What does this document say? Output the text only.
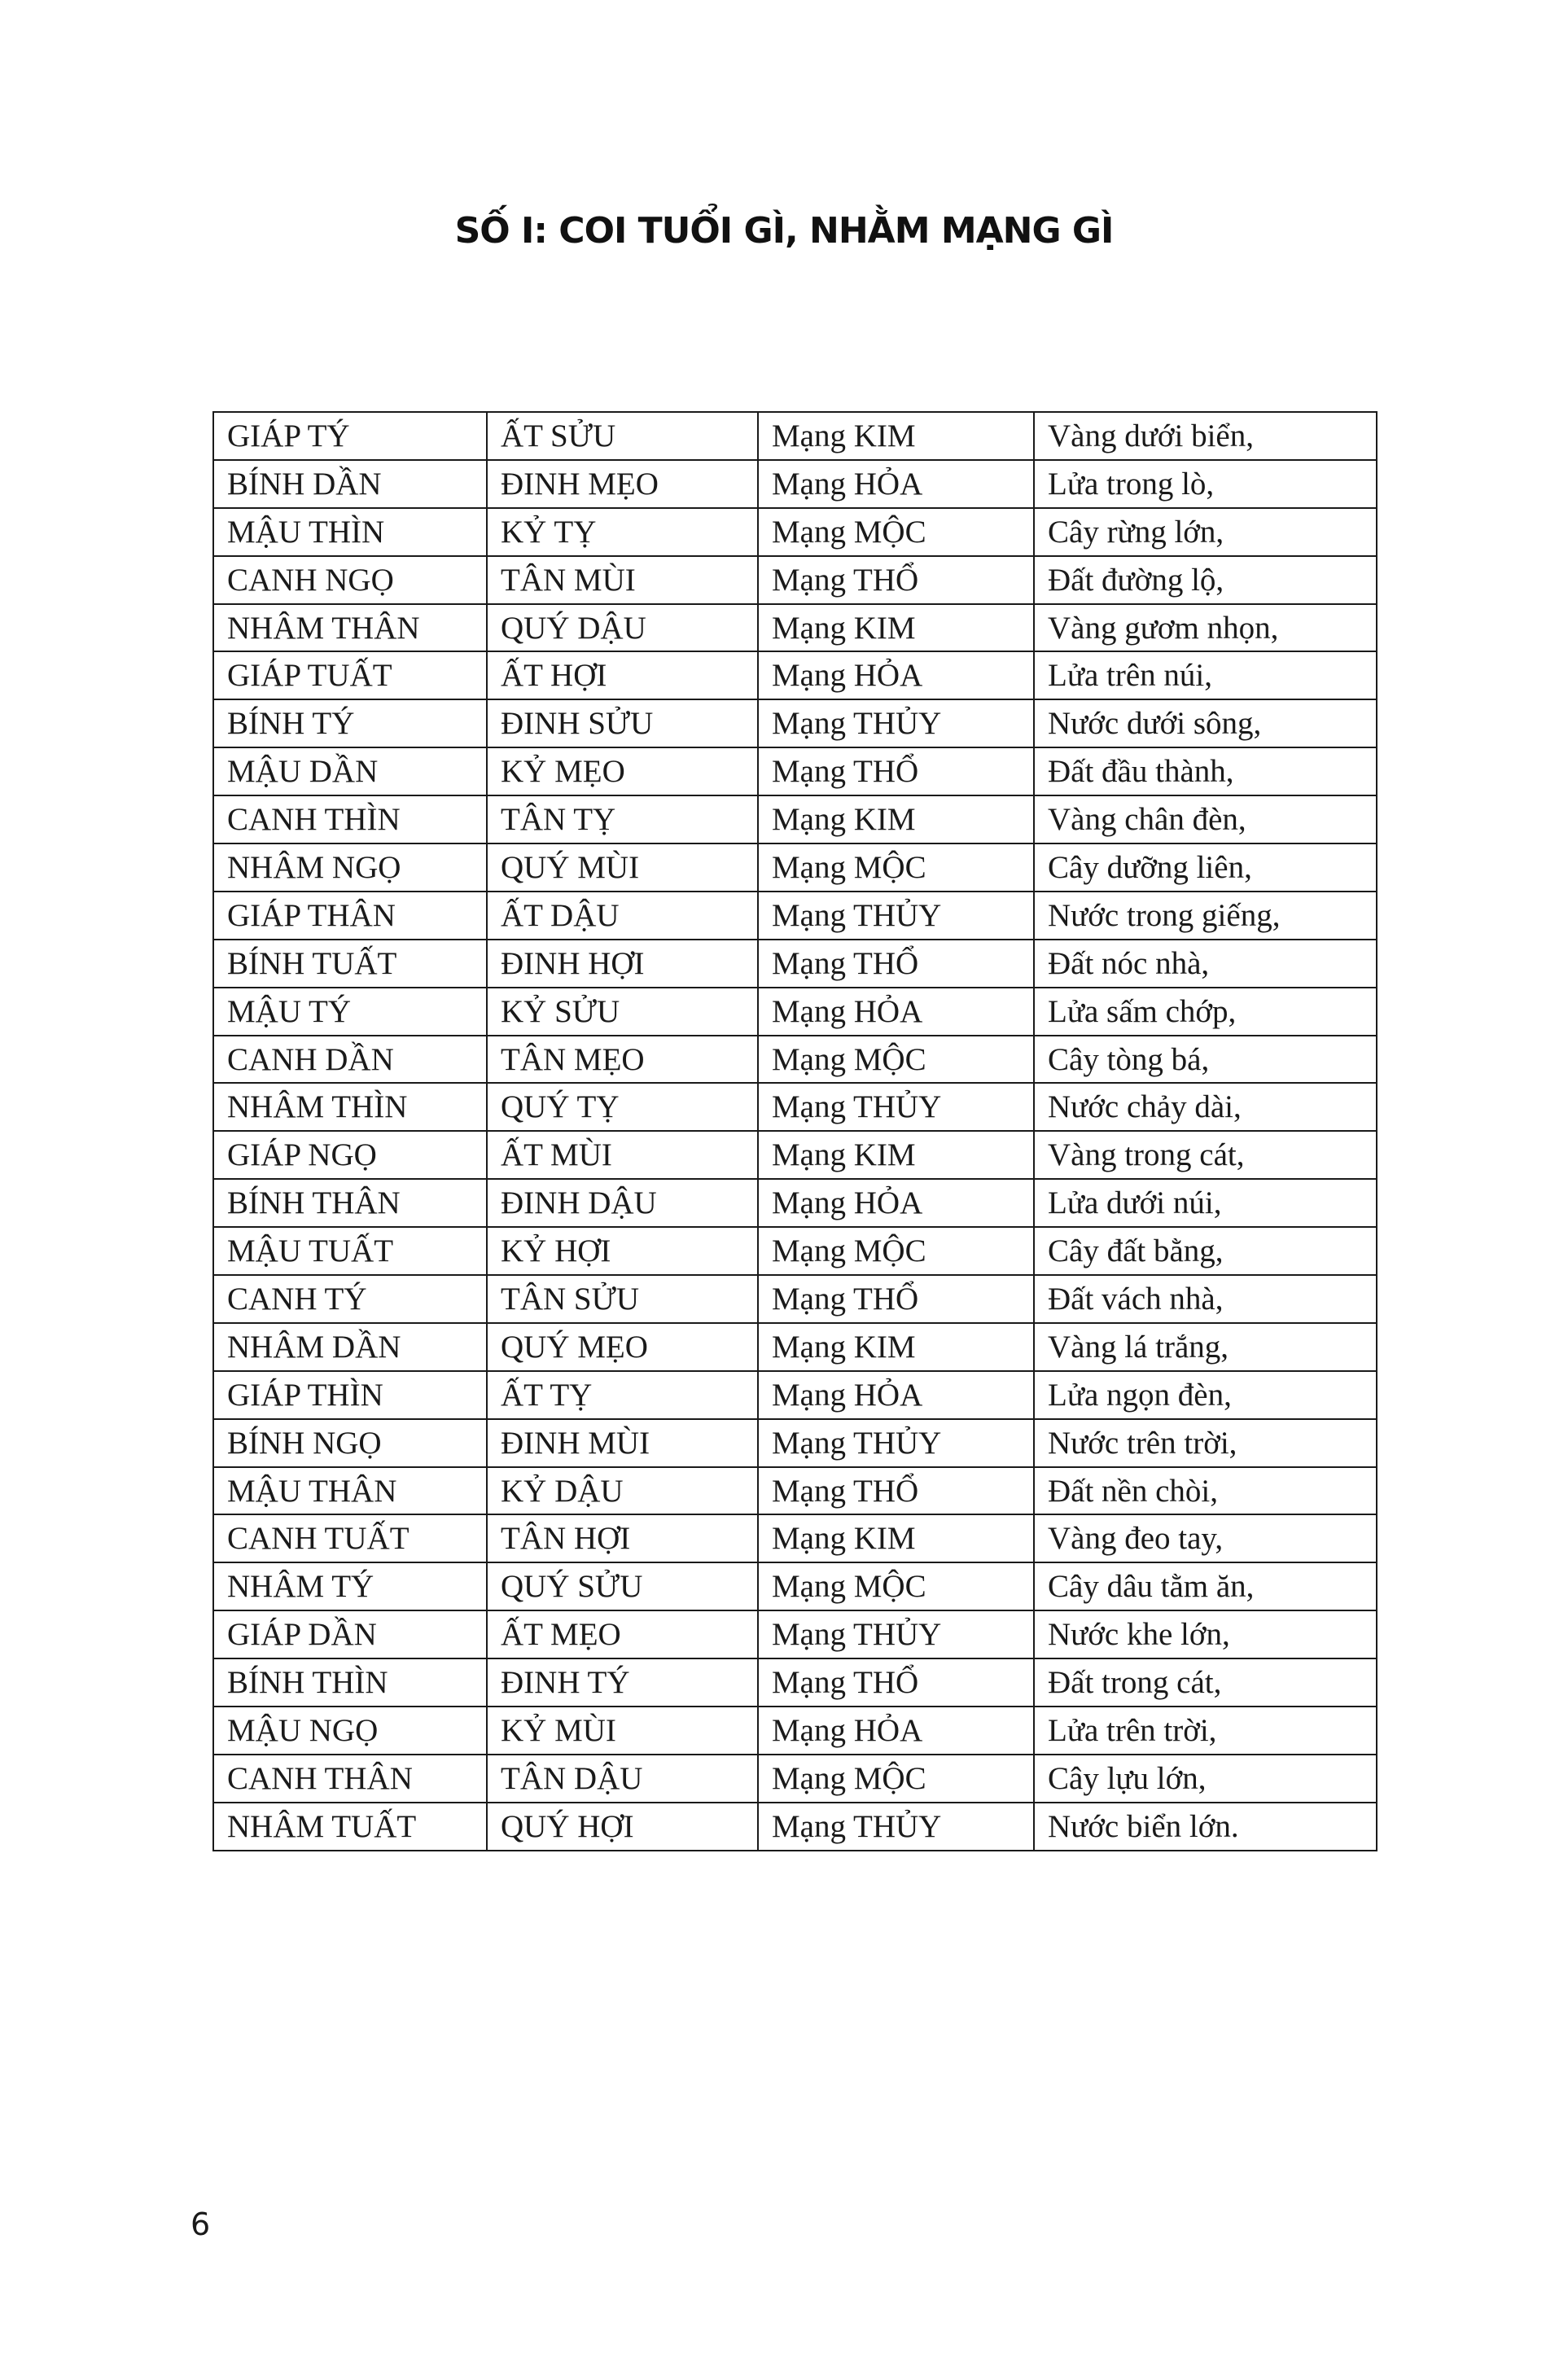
SỐ I: COI TUỔI GÌ, NHẰM MẠNG GÌ
GIÁP TÝ	ẤT SỬU	Mạng KIM	Vàng dưới biển,
BÍNH DẦN	ĐINH MẸO	Mạng HỎA	Lửa trong lò,
MẬU THÌN	KỶ TỴ	Mạng MỘC	Cây rừng lớn,
CANH NGỌ	TÂN MÙI	Mạng THỔ	Đất đường lộ,
NHÂM THÂN	QUÝ DẬU	Mạng KIM	Vàng gươm nhọn,
GIÁP TUẤT	ẤT HỢI	Mạng HỎA	Lửa trên núi,
BÍNH TÝ	ĐINH SỬU	Mạng THỦY	Nước dưới sông,
MẬU DẦN	KỶ MẸO	Mạng THỔ	Đất đầu thành,
CANH THÌN	TÂN TỴ	Mạng KIM	Vàng chân đèn,
NHÂM NGỌ	QUÝ MÙI	Mạng MỘC	Cây dưỡng liên,
GIÁP THÂN	ẤT DẬU	Mạng THỦY	Nước trong giếng,
BÍNH TUẤT	ĐINH HỢI	Mạng THỔ	Đất nóc nhà,
MẬU TÝ	KỶ SỬU	Mạng HỎA	Lửa sấm chớp,
CANH DẦN	TÂN MẸO	Mạng MỘC	Cây tòng bá,
NHÂM THÌN	QUÝ TỴ	Mạng THỦY	Nước chảy dài,
GIÁP NGỌ	ẤT MÙI	Mạng KIM	Vàng trong cát,
BÍNH THÂN	ĐINH DẬU	Mạng HỎA	Lửa dưới núi,
MẬU TUẤT	KỶ HỢI	Mạng MỘC	Cây đất bằng,
CANH TÝ	TÂN SỬU	Mạng THỔ	Đất vách nhà,
NHÂM DẦN	QUÝ MẸO	Mạng KIM	Vàng lá trắng,
GIÁP THÌN	ẤT TỴ	Mạng HỎA	Lửa ngọn đèn,
BÍNH NGỌ	ĐINH MÙI	Mạng THỦY	Nước trên trời,
MẬU THÂN	KỶ DẬU	Mạng THỔ	Đất nền chòi,
CANH TUẤT	TÂN HỢI	Mạng KIM	Vàng đeo tay,
NHÂM TÝ	QUÝ SỬU	Mạng MỘC	Cây dâu tằm ăn,
GIÁP DẦN	ẤT MẸO	Mạng THỦY	Nước khe lớn,
BÍNH THÌN	ĐINH TÝ	Mạng THỔ	Đất trong cát,
MẬU NGỌ	KỶ MÙI	Mạng HỎA	Lửa trên trời,
CANH THÂN	TÂN DẬU	Mạng MỘC	Cây lựu lớn,
NHÂM TUẤT	QUÝ HỢI	Mạng THỦY	Nước biển lớn.
6
